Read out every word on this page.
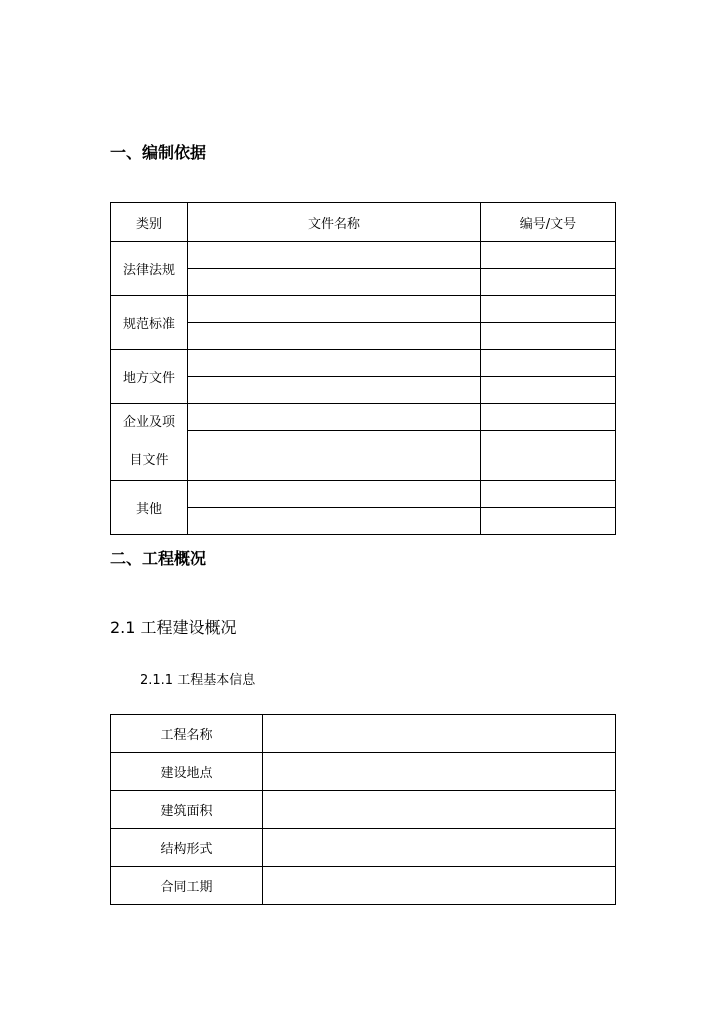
一、编制依据
类别	文件名称	编号/文号
法律法规		

规范标准		

地方文件		

企业及项
目文件		

其他		

二、工程概况
2.1 工程建设概况
2.1.1 工程基本信息
工程名称	
建设地点	
建筑面积	
结构形式	
合同工期	
